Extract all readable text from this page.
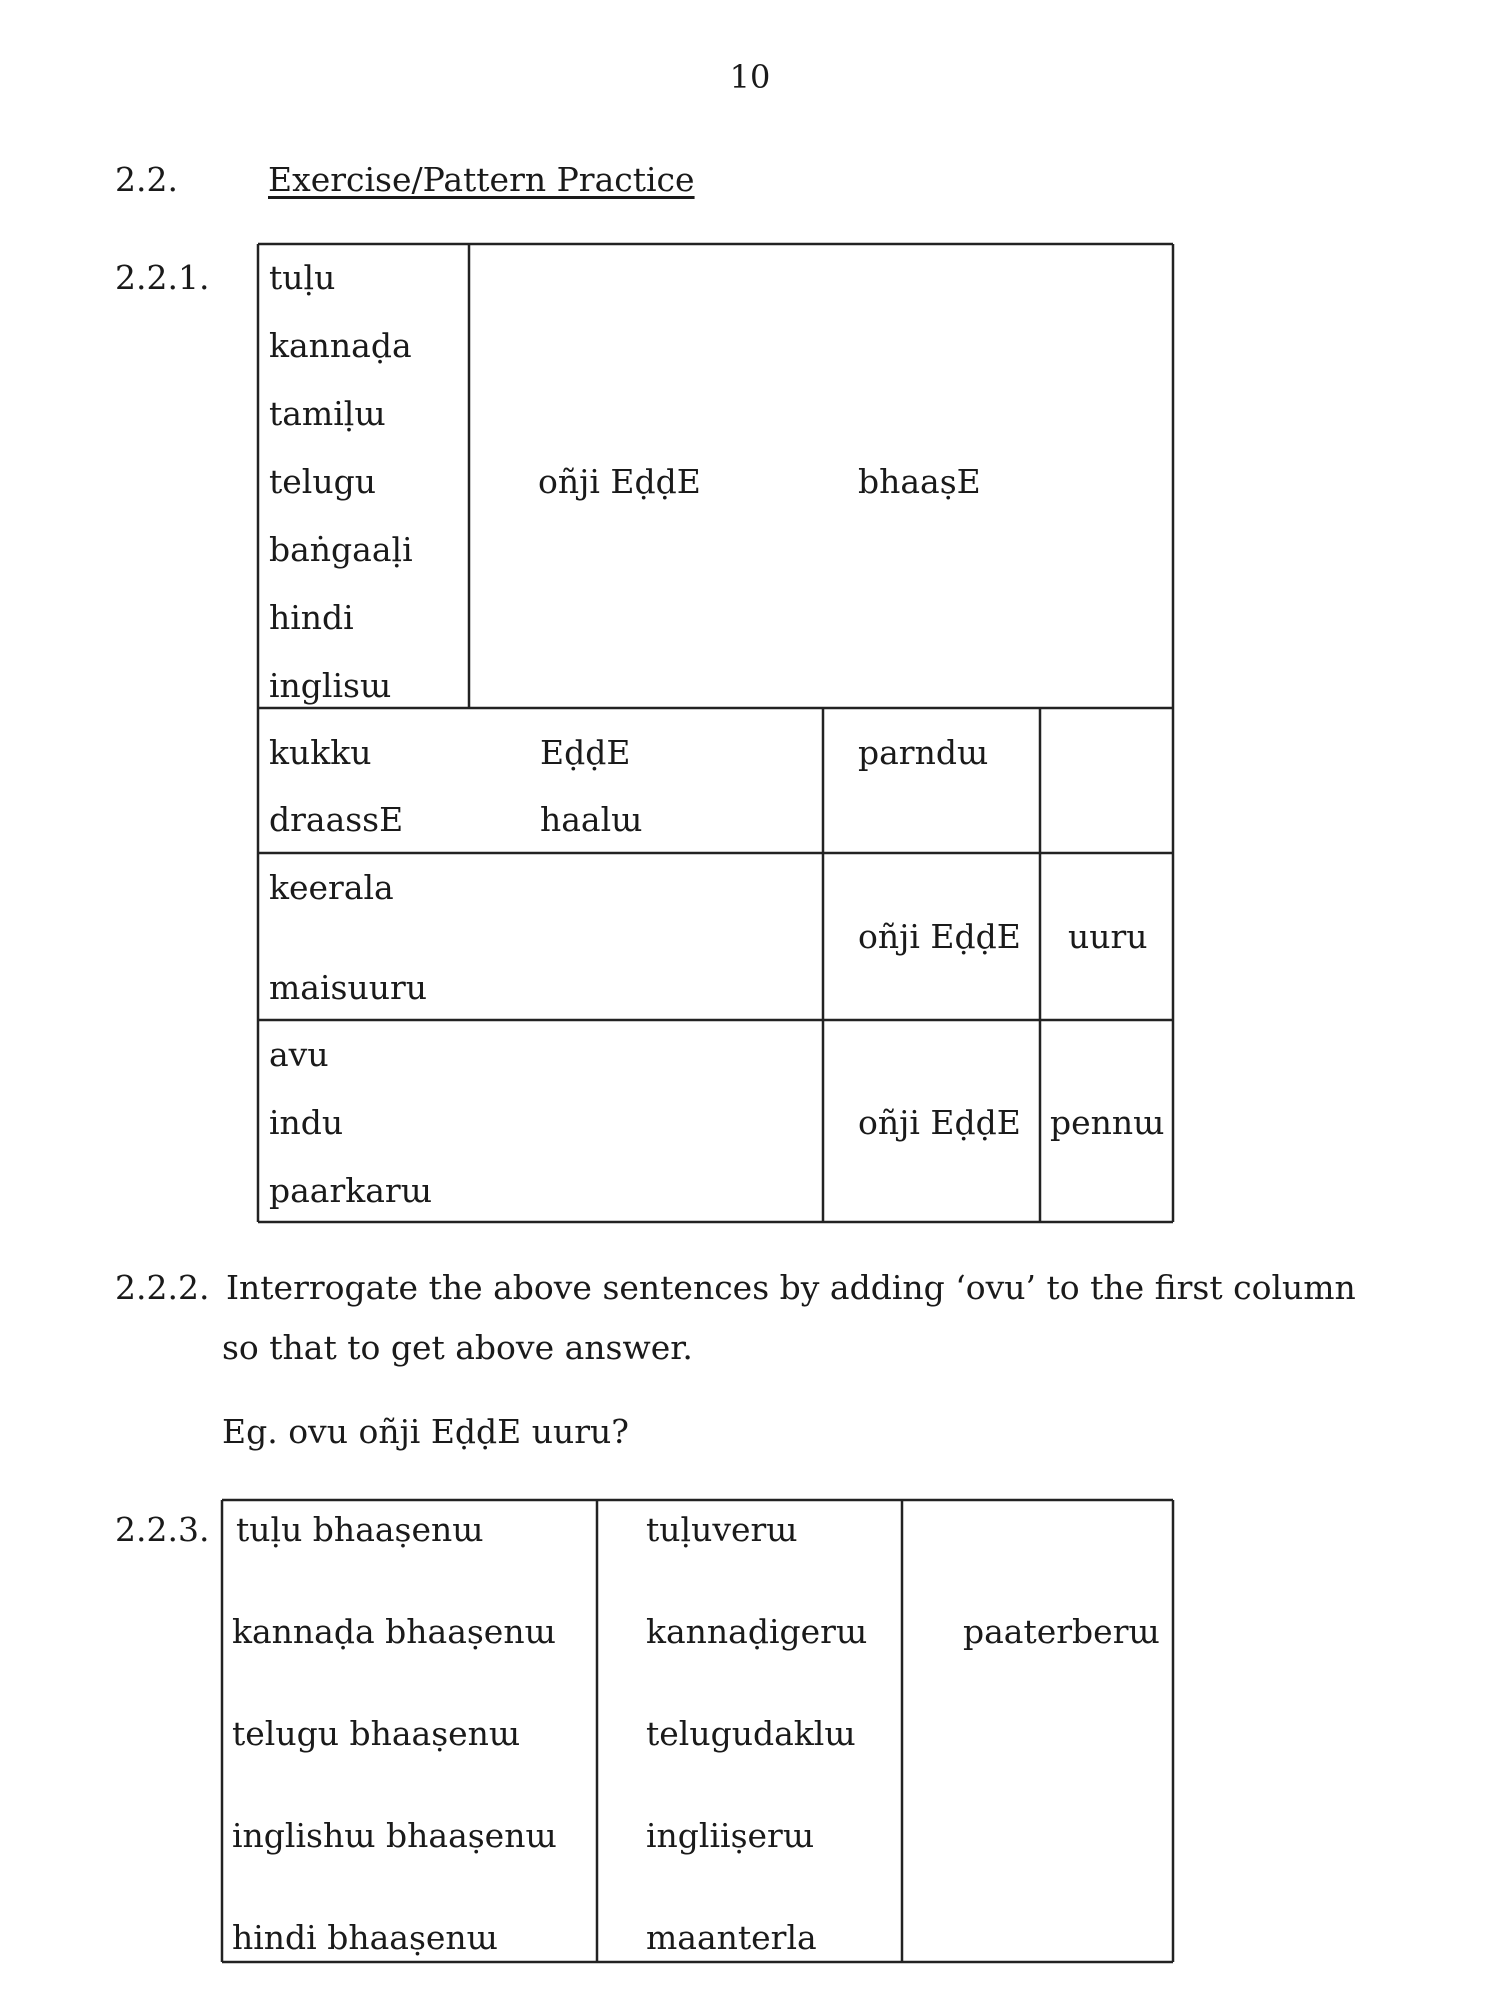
10
2.2.	Exercise/Pattern Practice
2.2.1. tuḷu
kannaḍa
tamiḷɯ
telugu
baṅgaaḷi
hindi
inglisɯ
oñji EḍḍE	bhaaṣE
kukku
draassE
EḍḍE
haalɯ
parndɯ
keerala
maisuuru
oñji EḍḍE uuru
avu
indu
paarkarɯ
oñji EḍḍE pennɯ
2.2.2. Interrogate the above sentences by adding ‘ovu’ to the first column
so that to get above answer.
Eg. ovu oñji EḍḍE uuru?
2.2.3. tuḷu bhaaṣenɯ
kannaḍa bhaaṣenɯ
telugu bhaaṣenɯ
inglishɯ bhaaṣenɯ
hindi bhaaṣenɯ
tuḷuverɯ
kannaḍigerɯ
telugudaklɯ
ingliiṣerɯ
maanterla
paaterberɯ
